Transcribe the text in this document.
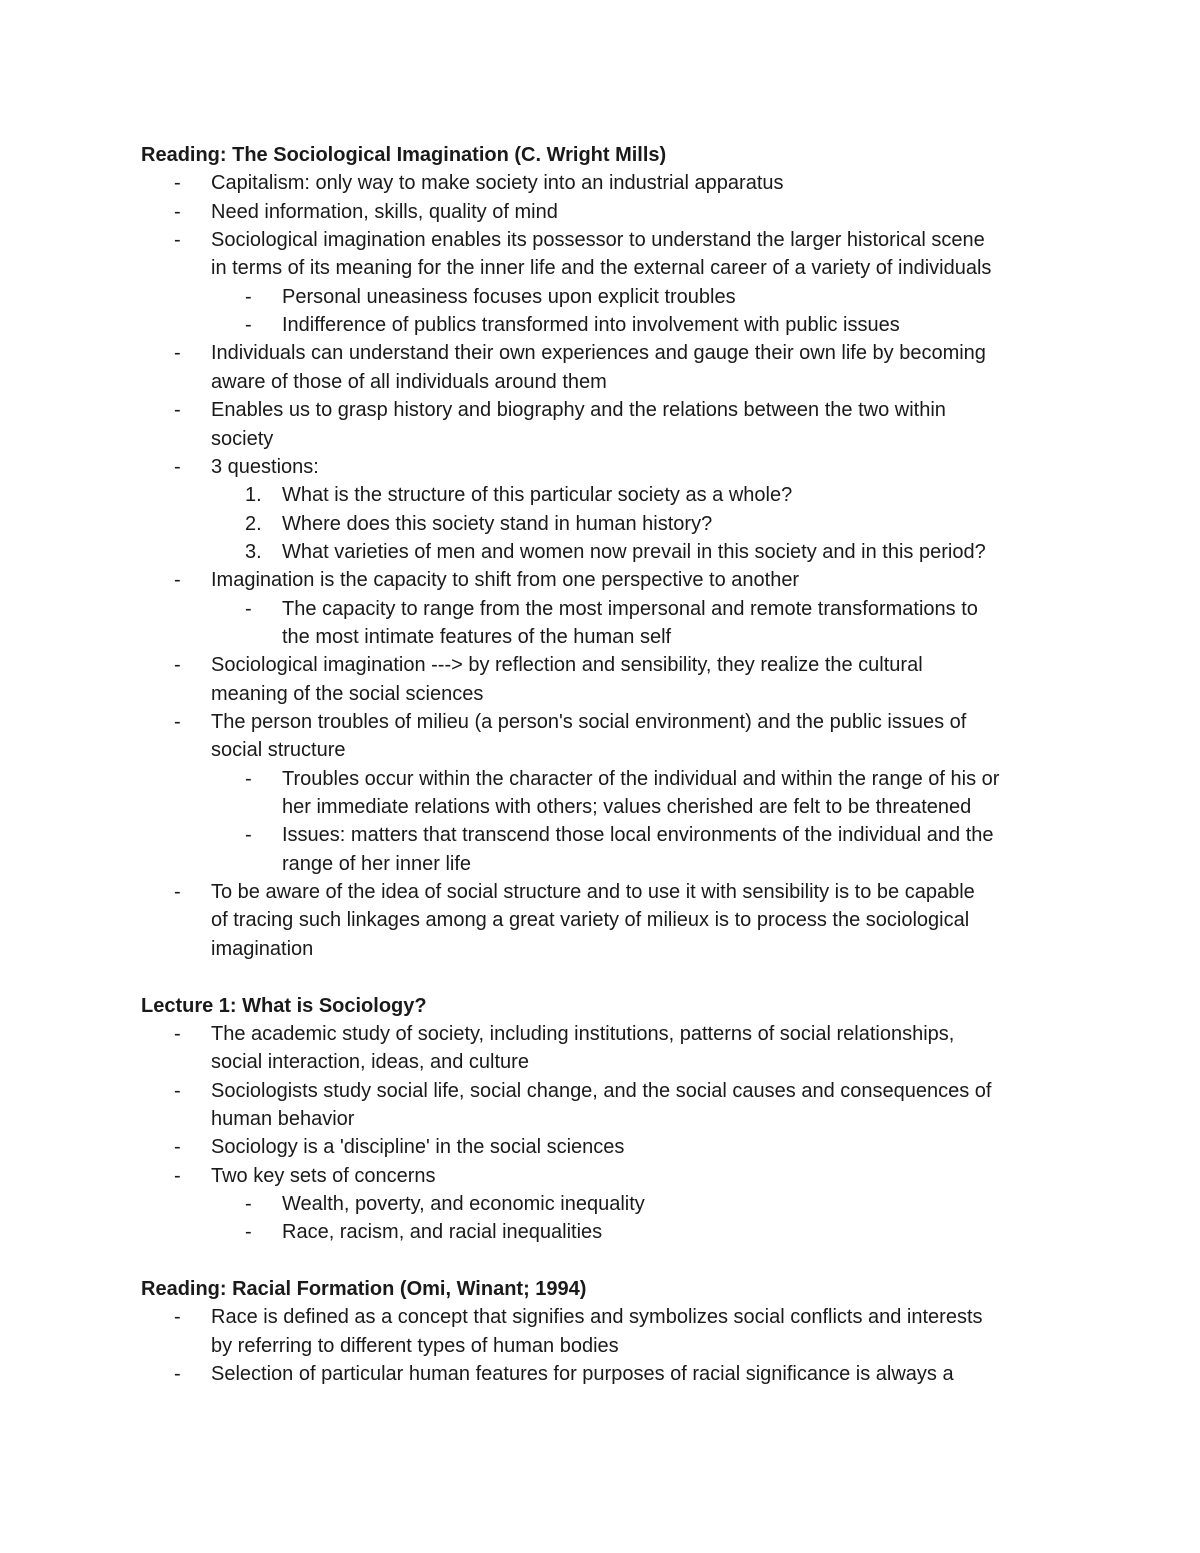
Reading: The Sociological Imagination (C. Wright Mills)
- Capitalism: only way to make society into an industrial apparatus
- Need information, skills, quality of mind
- Sociological imagination enables its possessor to understand the larger historical scene
in terms of its meaning for the inner life and the external career of a variety of individuals
- Personal uneasiness focuses upon explicit troubles
- Indifference of publics transformed into involvement with public issues
- Individuals can understand their own experiences and gauge their own life by becoming
aware of those of all individuals around them
- Enables us to grasp history and biography and the relations between the two within
society
- 3 questions:
1. What is the structure of this particular society as a whole?
2. Where does this society stand in human history?
3. What varieties of men and women now prevail in this society and in this period?
- Imagination is the capacity to shift from one perspective to another
- The capacity to range from the most impersonal and remote transformations to
the most intimate features of the human self
- Sociological imagination ---> by reflection and sensibility, they realize the cultural
meaning of the social sciences
- The person troubles of milieu (a person's social environment) and the public issues of
social structure
- Troubles occur within the character of the individual and within the range of his or
her immediate relations with others; values cherished are felt to be threatened
- Issues: matters that transcend those local environments of the individual and the
range of her inner life
- To be aware of the idea of social structure and to use it with sensibility is to be capable
of tracing such linkages among a great variety of milieux is to process the sociological
imagination
Lecture 1: What is Sociology?
- The academic study of society, including institutions, patterns of social relationships,
social interaction, ideas, and culture
- Sociologists study social life, social change, and the social causes and consequences of
human behavior
- Sociology is a 'discipline' in the social sciences
- Two key sets of concerns
- Wealth, poverty, and economic inequality
- Race, racism, and racial inequalities
Reading: Racial Formation (Omi, Winant; 1994)
- Race is defined as a concept that signifies and symbolizes social conflicts and interests
by referring to different types of human bodies
- Selection of particular human features for purposes of racial significance is always a
